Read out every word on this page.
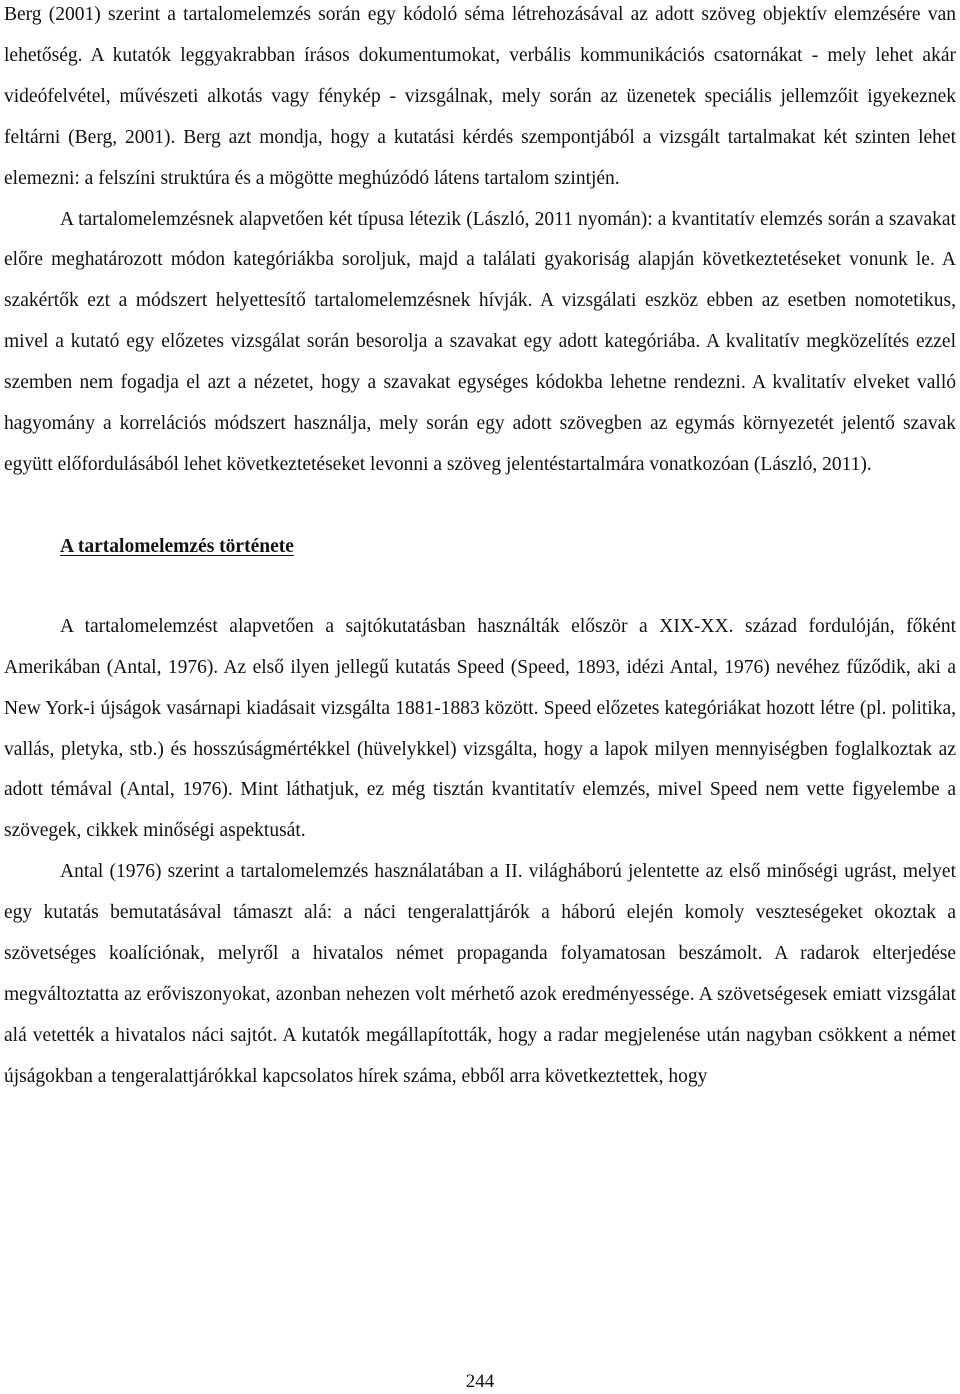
Berg (2001) szerint a tartalomelemzés során egy kódoló séma létrehozásával az adott szöveg objektív elemzésére van lehetőség. A kutatók leggyakrabban írásos dokumentumokat, verbális kommunikációs csatornákat - mely lehet akár videófelvétel, művészeti alkotás vagy fénykép - vizsgálnak, mely során az üzenetek speciális jellemzőit igyekeznek feltárni (Berg, 2001). Berg azt mondja, hogy a kutatási kérdés szempontjából a vizsgált tartalmakat két szinten lehet elemezni: a felszíni struktúra és a mögötte meghúzódó látens tartalom szintjén.

A tartalomelemzésnek alapvetően két típusa létezik (László, 2011 nyomán): a kvantitatív elemzés során a szavakat előre meghatározott módon kategóriákba soroljuk, majd a találati gyakoriság alapján következtetéseket vonunk le. A szakértők ezt a módszert helyettesítő tartalomelemzésnek hívják. A vizsgálati eszköz ebben az esetben nomotetikus, mivel a kutató egy előzetes vizsgálat során besorolja a szavakat egy adott kategóriába. A kvalitatív megközelítés ezzel szemben nem fogadja el azt a nézetet, hogy a szavakat egységes kódokba lehetne rendezni. A kvalitatív elveket valló hagyomány a korrelációs módszert használja, mely során egy adott szövegben az egymás környezetét jelentő szavak együtt előfordulásából lehet következtetéseket levonni a szöveg jelentéstartalmára vonatkozóan (László, 2011).

A tartalomelemzés története

A tartalomelemzést alapvetően a sajtókutatásban használták először a XIX-XX. század fordulóján, főként Amerikában (Antal, 1976). Az első ilyen jellegű kutatás Speed (Speed, 1893, idézi Antal, 1976) nevéhez fűződik, aki a New York-i újságok vasárnapi kiadásait vizsgálta 1881-1883 között. Speed előzetes kategóriákat hozott létre (pl. politika, vallás, pletyka, stb.) és hosszúságmértékkel (hüvelykkel) vizsgálta, hogy a lapok milyen mennyiségben foglalkoztak az adott témával (Antal, 1976). Mint láthatjuk, ez még tisztán kvantitatív elemzés, mivel Speed nem vette figyelembe a szövegek, cikkek minőségi aspektusát.

Antal (1976) szerint a tartalomelemzés használatában a II. világháború jelentette az első minőségi ugrást, melyet egy kutatás bemutatásával támaszt alá: a náci tengeralattjárók a háború elején komoly veszteségeket okoztak a szövetséges koalíciónak, melyről a hivatalos német propaganda folyamatosan beszámolt. A radarok elterjedése megváltoztatta az erőviszonyokat, azonban nehezen volt mérhető azok eredményessége. A szövetségesek emiatt vizsgálat alá vetették a hivatalos náci sajtót. A kutatók megállapították, hogy a radar megjelenése után nagyban csökkent a német újságokban a tengeralattjárókkal kapcsolatos hírek száma, ebből arra következtettek, hogy

244
